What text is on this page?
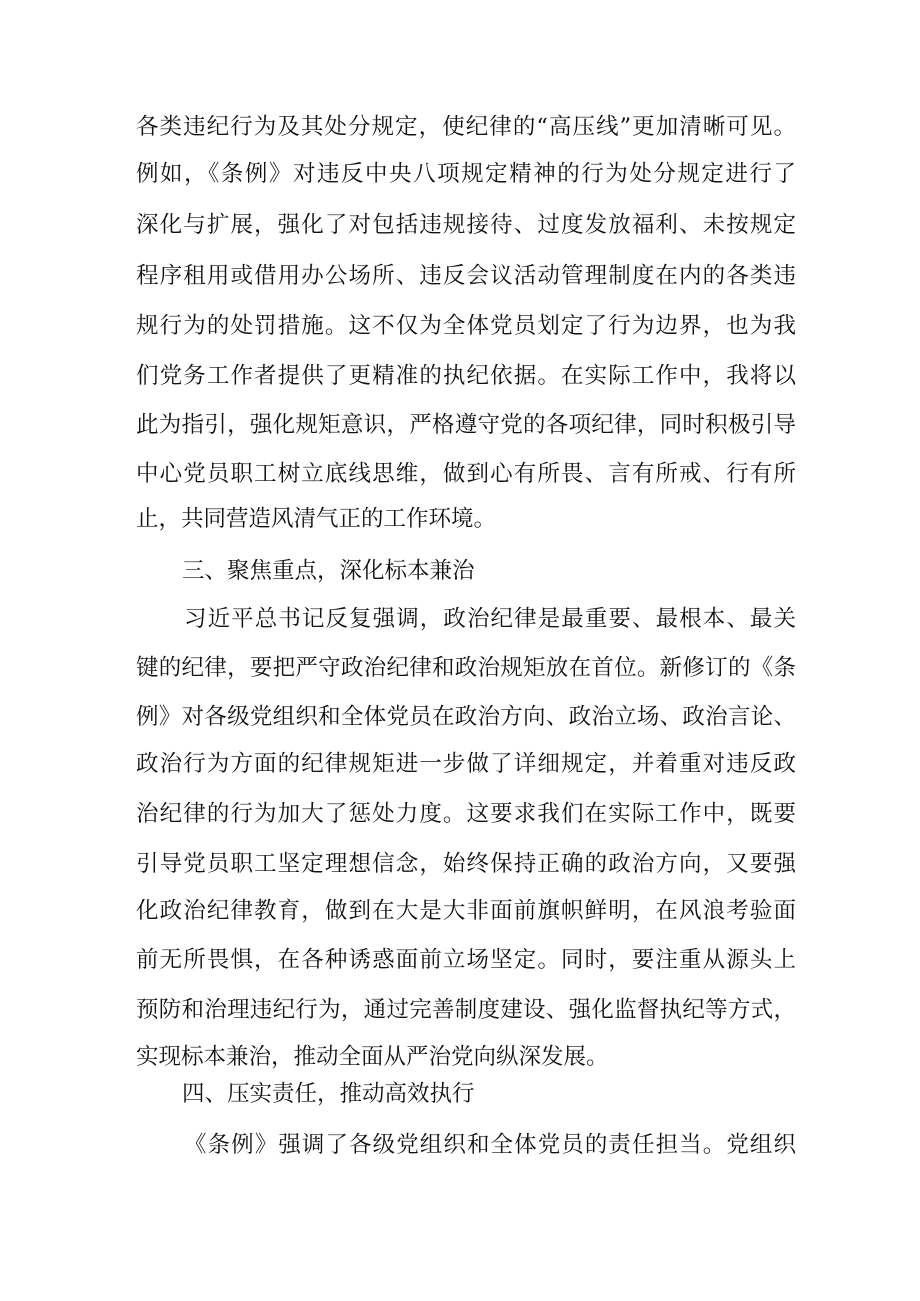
各类违纪行为及其处分规定，使纪律的“高压线”更加清晰可见。
例如，《条例》对违反中央八项规定精神的行为处分规定进行了
深化与扩展，强化了对包括违规接待、过度发放福利、未按规定
程序租用或借用办公场所、违反会议活动管理制度在内的各类违
规行为的处罚措施。这不仅为全体党员划定了行为边界，也为我
们党务工作者提供了更精准的执纪依据。在实际工作中，我将以
此为指引，强化规矩意识，严格遵守党的各项纪律，同时积极引导
中心党员职工树立底线思维，做到心有所畏、言有所戒、行有所
止，共同营造风清气正的工作环境。
三、聚焦重点，深化标本兼治
习近平总书记反复强调，政治纪律是最重要、最根本、最关
键的纪律，要把严守政治纪律和政治规矩放在首位。新修订的《条
例》对各级党组织和全体党员在政治方向、政治立场、政治言论、
政治行为方面的纪律规矩进一步做了详细规定，并着重对违反政
治纪律的行为加大了惩处力度。这要求我们在实际工作中，既要
引导党员职工坚定理想信念，始终保持正确的政治方向，又要强
化政治纪律教育，做到在大是大非面前旗帜鲜明，在风浪考验面
前无所畏惧，在各种诱惑面前立场坚定。同时，要注重从源头上
预防和治理违纪行为，通过完善制度建设、强化监督执纪等方式，
实现标本兼治，推动全面从严治党向纵深发展。
四、压实责任，推动高效执行
《条例》强调了各级党组织和全体党员的责任担当。党组织
